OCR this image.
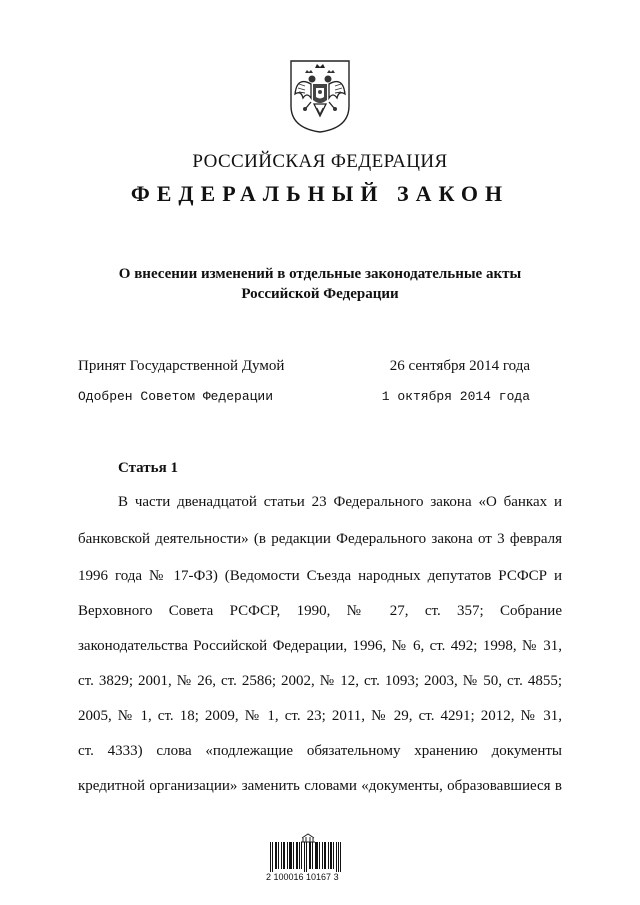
РОССИЙСКАЯ ФЕДЕРАЦИЯ
ФЕДЕРАЛЬНЫЙ ЗАКОН
О внесении изменений в отдельные законодательные акты
Российской Федерации
Принят Государственной Думой	26 сентября 2014 года
Одобрен Советом Федерации	1 октября 2014 года
Статья 1
В части двенадцатой статьи 23 Федерального закона «О банках и
банковской деятельности» (в редакции Федерального закона от 3 февраля
1996 года № 17-ФЗ) (Ведомости Съезда народных депутатов РСФСР и
Верховного Совета РСФСР, 1990, № 27, ст. 357; Собрание
законодательства Российской Федерации, 1996, № 6, ст. 492; 1998, № 31,
ст. 3829; 2001, № 26, ст. 2586; 2002, № 12, ст. 1093; 2003, № 50, ст. 4855;
2005, № 1, ст. 18; 2009, № 1, ст. 23; 2011, № 29, ст. 4291; 2012, № 31,
ст. 4333) слова «подлежащие обязательному хранению документы
кредитной организации» заменить словами «документы, образовавшиеся в
2 100016 10167 3
